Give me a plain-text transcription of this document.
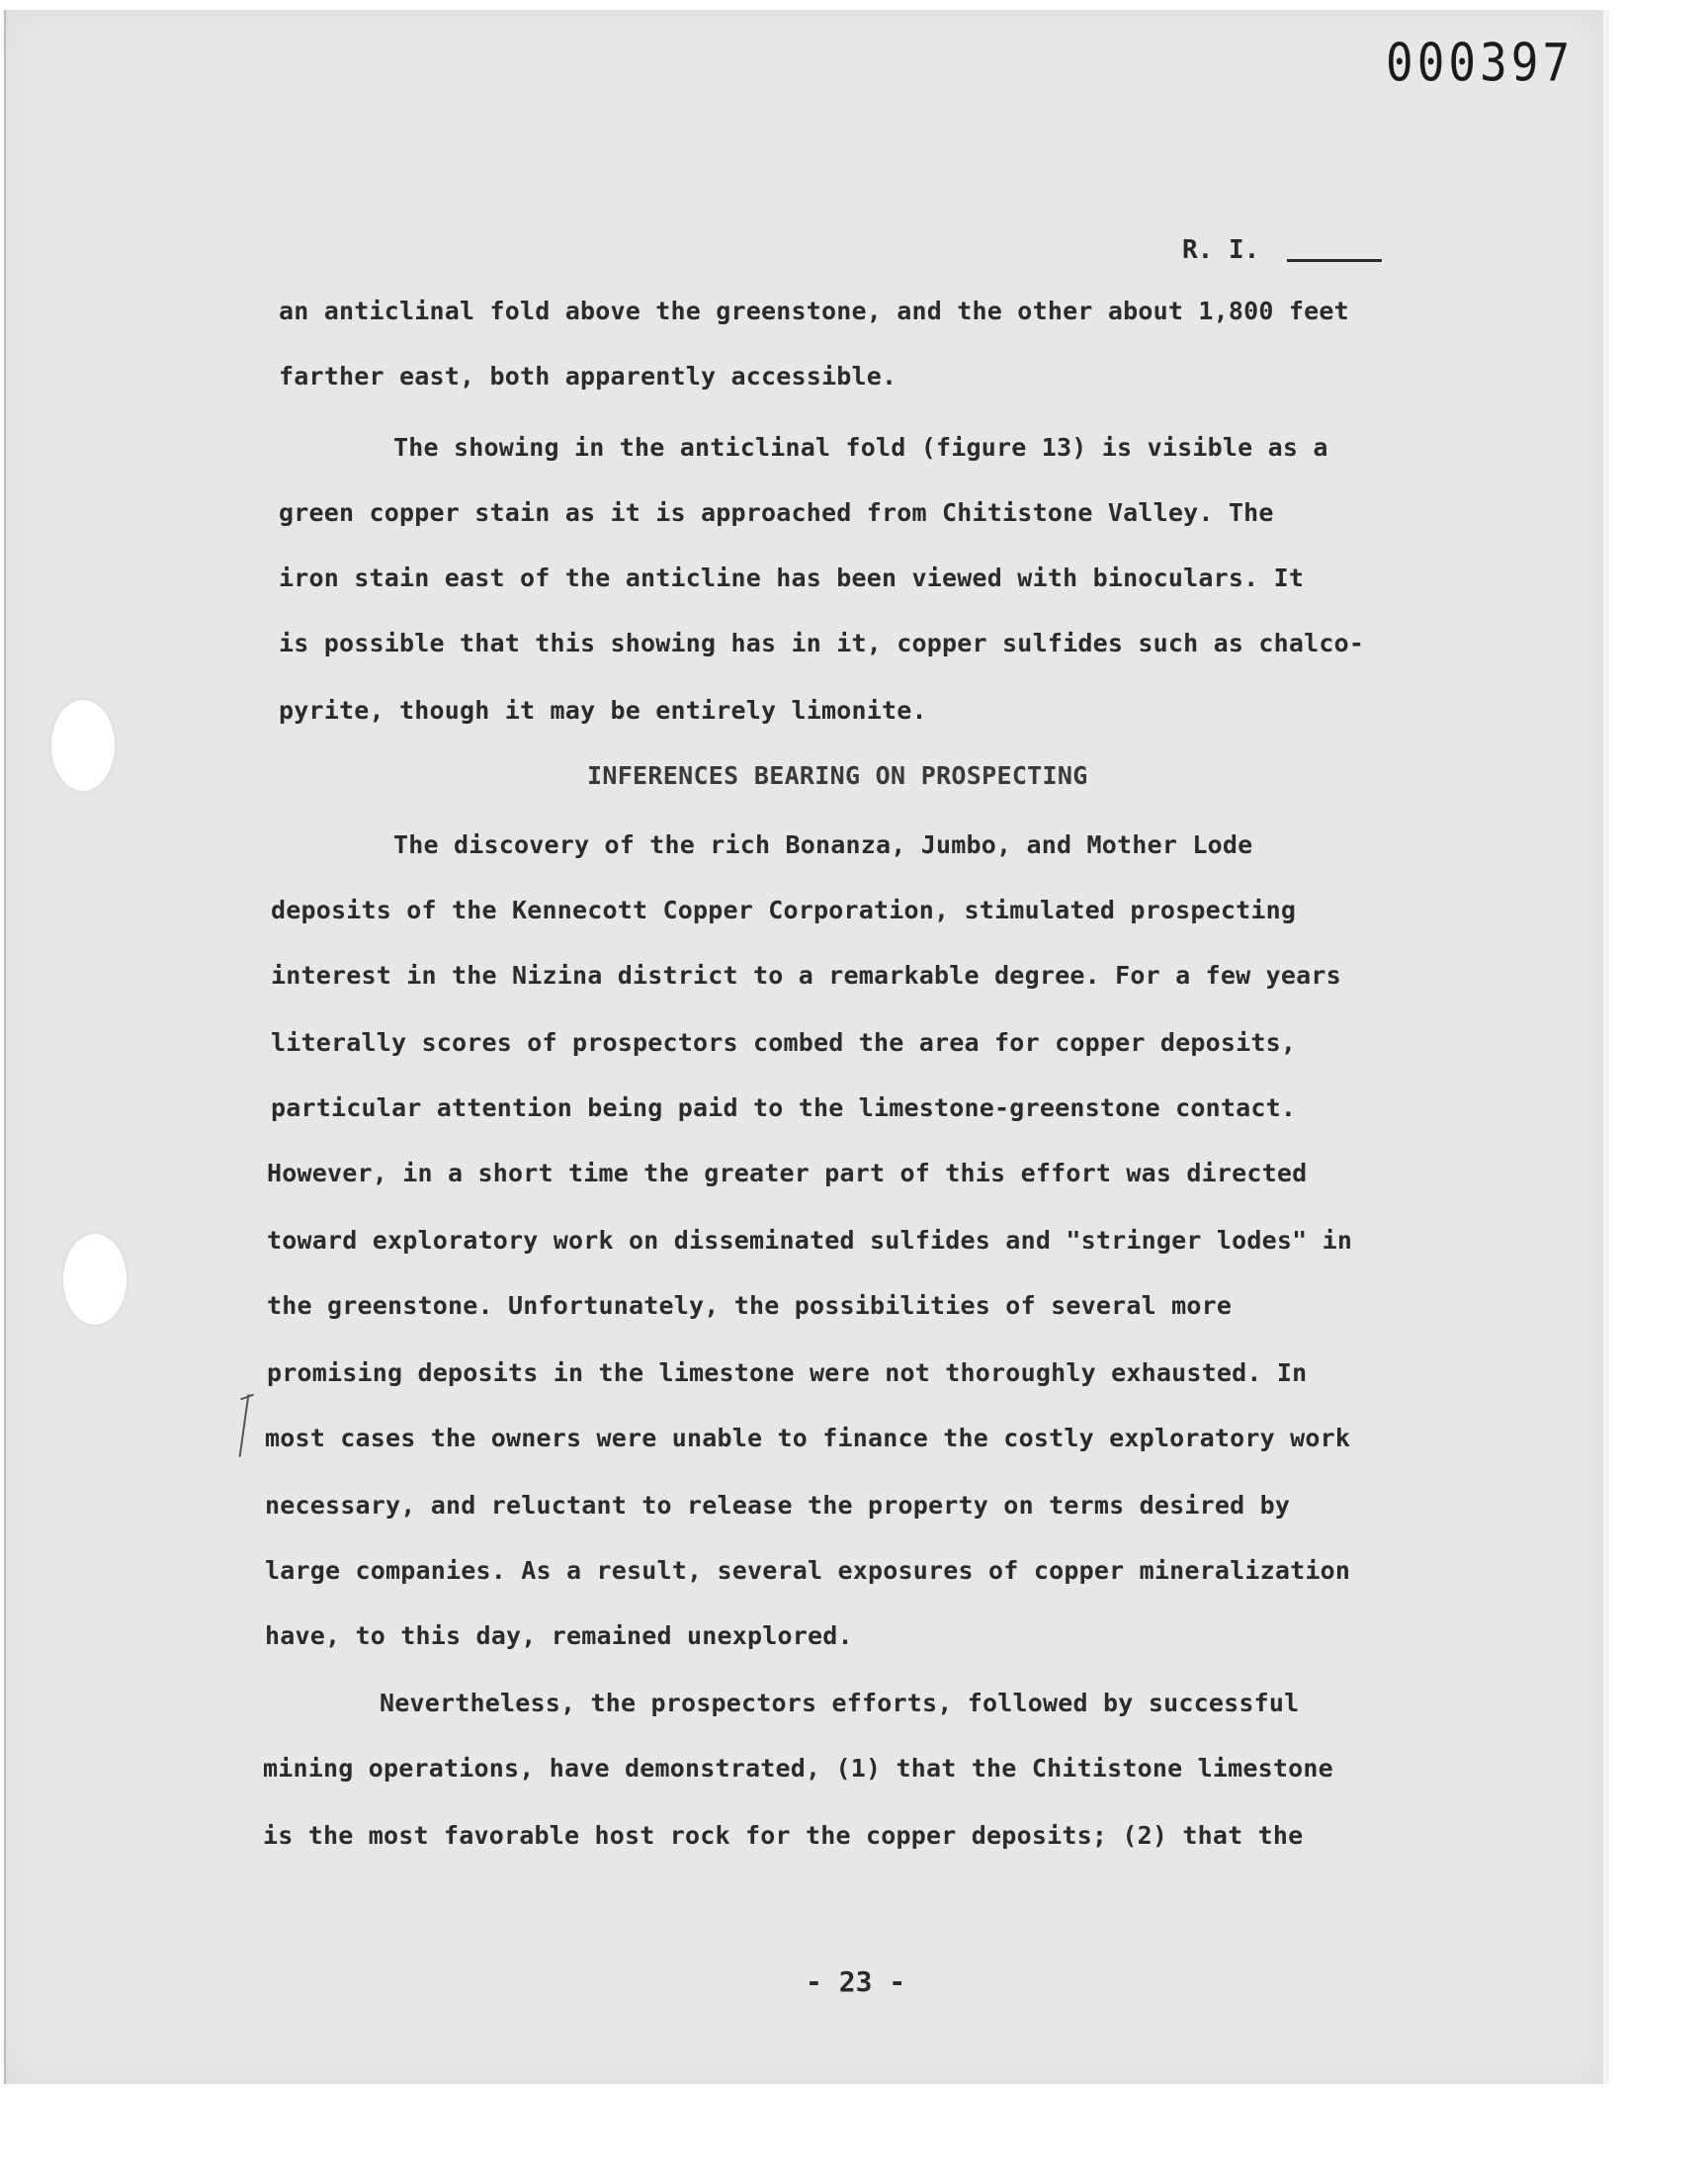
000397
R. I.
an anticlinal fold above the greenstone, and the other about 1,800 feet
farther east, both apparently accessible.
The showing in the anticlinal fold (figure 13) is visible as a
green copper stain as it is approached from Chitistone Valley. The
iron stain east of the anticline has been viewed with binoculars. It
is possible that this showing has in it, copper sulfides such as chalco-
pyrite, though it may be entirely limonite.
INFERENCES BEARING ON PROSPECTING
The discovery of the rich Bonanza, Jumbo, and Mother Lode
deposits of the Kennecott Copper Corporation, stimulated prospecting
interest in the Nizina district to a remarkable degree. For a few years
literally scores of prospectors combed the area for copper deposits,
particular attention being paid to the limestone-greenstone contact.
However, in a short time the greater part of this effort was directed
toward exploratory work on disseminated sulfides and "stringer lodes" in
the greenstone. Unfortunately, the possibilities of several more
promising deposits in the limestone were not thoroughly exhausted. In
most cases the owners were unable to finance the costly exploratory work
necessary, and reluctant to release the property on terms desired by
large companies. As a result, several exposures of copper mineralization
have, to this day, remained unexplored.
Nevertheless, the prospectors efforts, followed by successful
mining operations, have demonstrated, (1) that the Chitistone limestone
is the most favorable host rock for the copper deposits; (2) that the
- 23 -
